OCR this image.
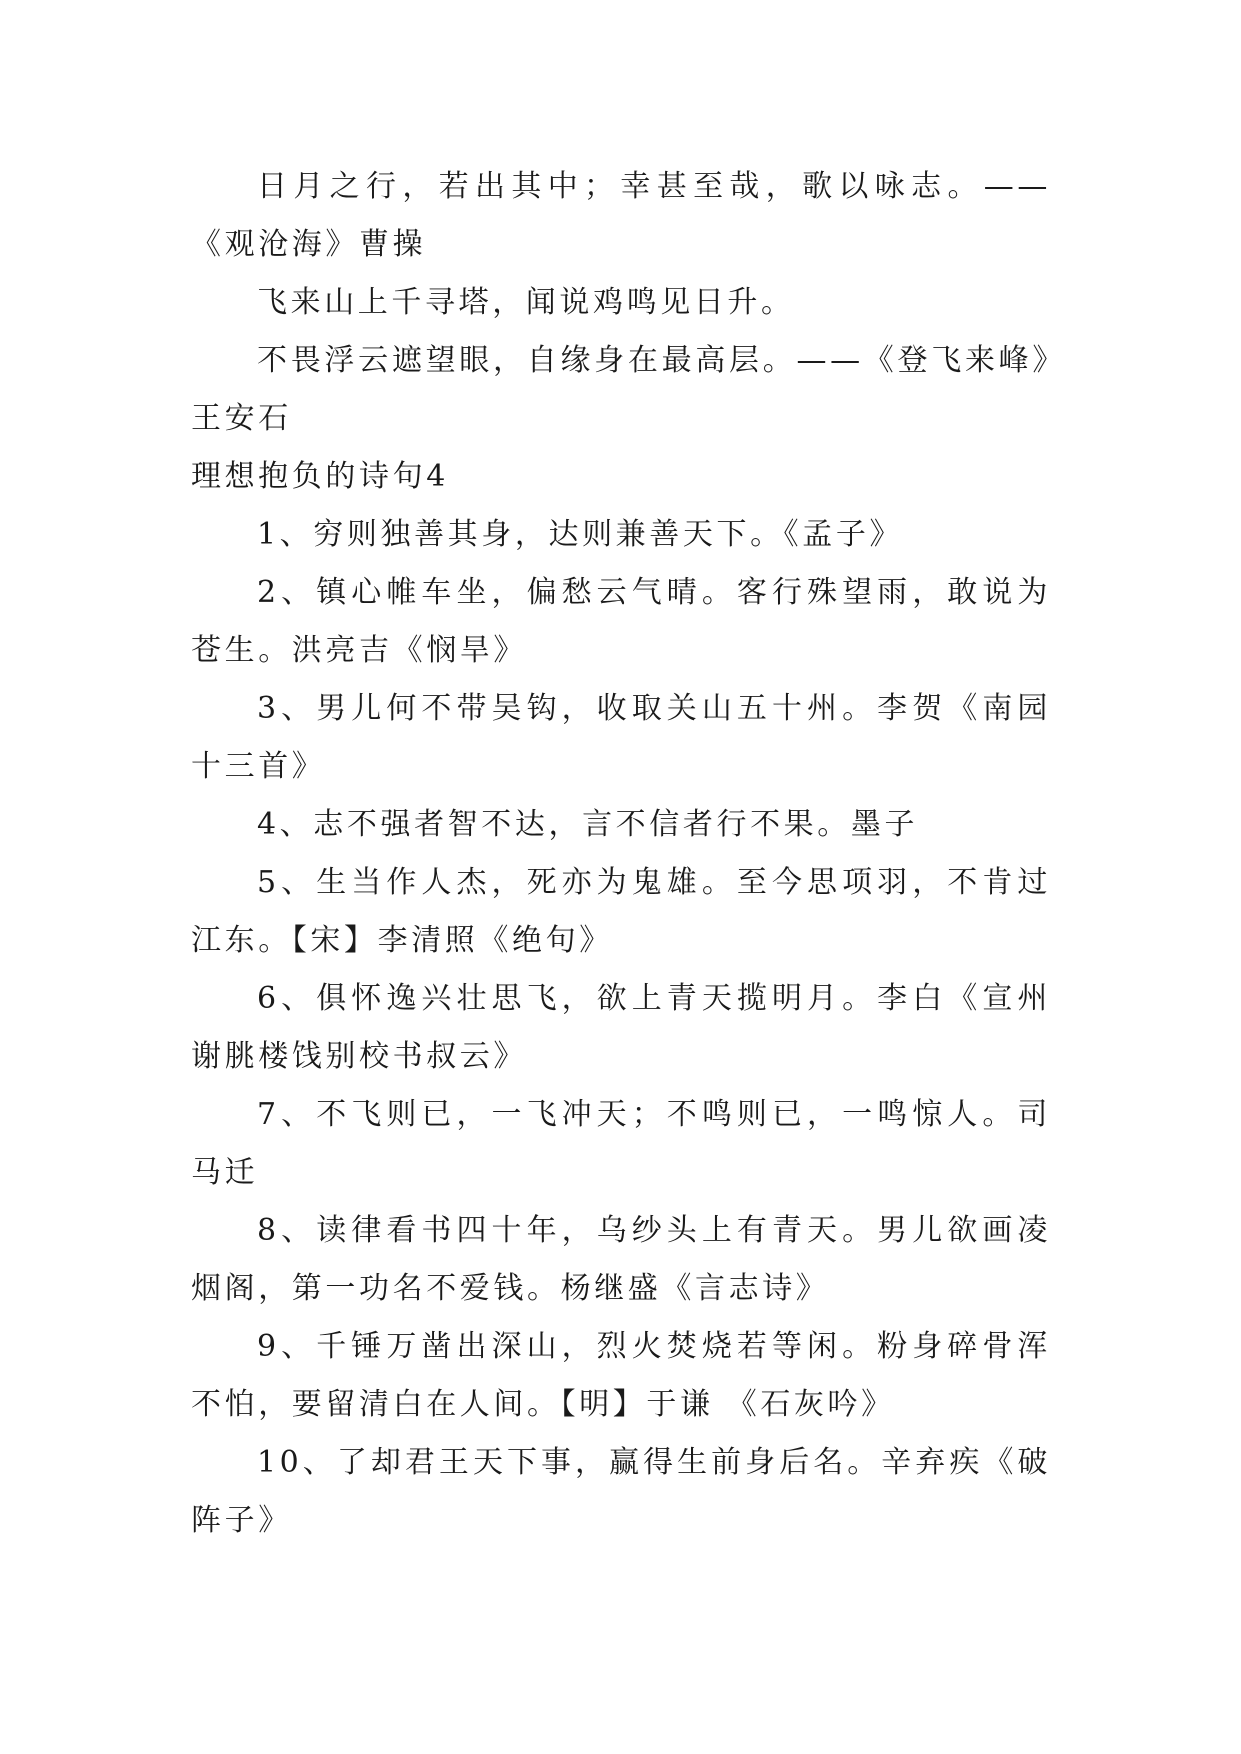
日月之行，若出其中；幸甚至哉，歌以咏志。——《观沧海》曹操

飞来山上千寻塔，闻说鸡鸣见日升。

不畏浮云遮望眼，自缘身在最高层。——《登飞来峰》王安石

理想抱负的诗句4

1、穷则独善其身，达则兼善天下。《孟子》

2、镇心帷车坐，偏愁云气晴。客行殊望雨，敢说为苍生。洪亮吉《悯旱》

3、男儿何不带吴钩，收取关山五十州。李贺《南园十三首》

4、志不强者智不达，言不信者行不果。墨子

5、生当作人杰，死亦为鬼雄。至今思项羽，不肯过江东。【宋】李清照《绝句》

6、俱怀逸兴壮思飞，欲上青天揽明月。李白《宣州谢朓楼饯别校书叔云》

7、不飞则已，一飞冲天；不鸣则已，一鸣惊人。司马迁

8、读律看书四十年，乌纱头上有青天。男儿欲画凌烟阁，第一功名不爱钱。杨继盛《言志诗》

9、千锤万凿出深山，烈火焚烧若等闲。粉身碎骨浑不怕，要留清白在人间。【明】于谦 《石灰吟》

10、了却君王天下事，赢得生前身后名。辛弃疾《破阵子》
